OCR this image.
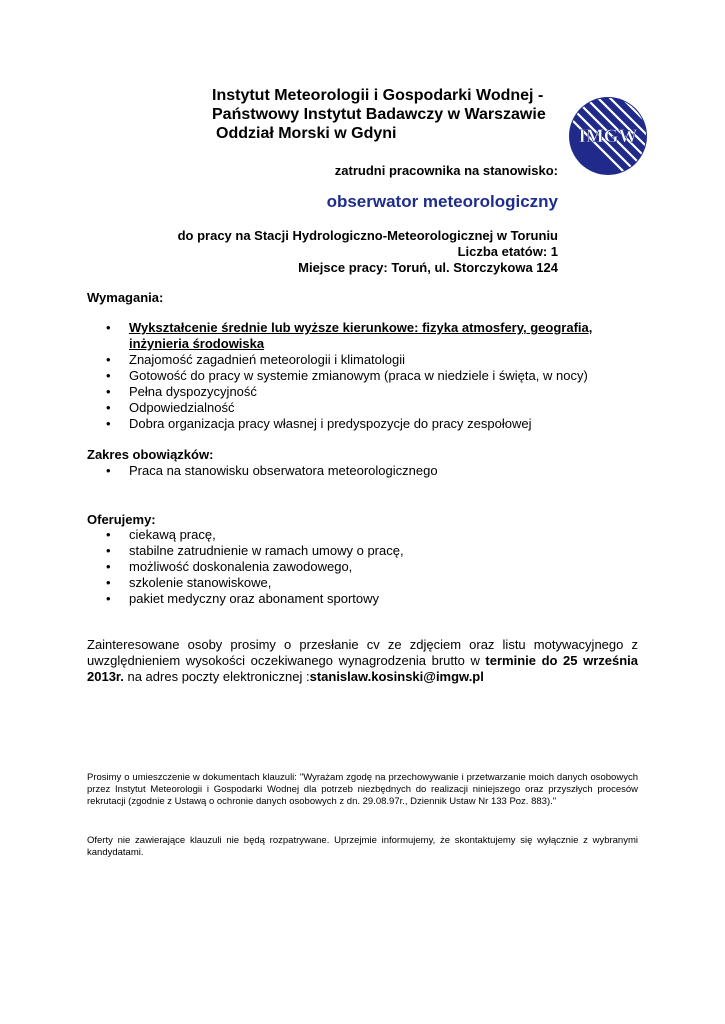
Instytut Meteorologii i Gospodarki Wodnej -
Państwowy Instytut Badawczy w Warszawie
Oddział Morski w Gdyni	IMGW
zatrudni pracownika na stanowisko:
obserwator meteorologiczny
do pracy na Stacji Hydrologiczno-Meteorologicznej w Toruniu
Liczba etatów: 1
Miejsce pracy: Toruń, ul. Storczykowa 124
Wymagania:
• Wykształcenie średnie lub wyższe kierunkowe: fizyka atmosfery, geografia, inżynieria środowiska
• Znajomość zagadnień meteorologii i klimatologii
• Gotowość do pracy w systemie zmianowym (praca w niedziele i święta, w nocy)
• Pełna dyspozycyjność
• Odpowiedzialność
• Dobra organizacja pracy własnej i predyspozycje do pracy zespołowej
Zakres obowiązków:
• Praca na stanowisku obserwatora meteorologicznego
Oferujemy:
• ciekawą pracę,
• stabilne zatrudnienie w ramach umowy o pracę,
• możliwość doskonalenia zawodowego,
• szkolenie stanowiskowe,
• pakiet medyczny oraz abonament sportowy
Zainteresowane osoby prosimy o przesłanie cv ze zdjęciem oraz listu motywacyjnego z uwzględnieniem wysokości oczekiwanego wynagrodzenia brutto w terminie do 25 września 2013r. na adres poczty elektronicznej :stanislaw.kosinski@imgw.pl
Prosimy o umieszczenie w dokumentach klauzuli: "Wyrażam zgodę na przechowywanie i przetwarzanie moich danych osobowych przez Instytut Meteorologii i Gospodarki Wodnej dla potrzeb niezbędnych do realizacji niniejszego oraz przyszłych procesów rekrutacji (zgodnie z Ustawą o ochronie danych osobowych z dn. 29.08.97r., Dziennik Ustaw Nr 133 Poz. 883)."
Oferty nie zawierające klauzuli nie będą rozpatrywane. Uprzejmie informujemy, że skontaktujemy się wyłącznie z wybranymi kandydatami.
